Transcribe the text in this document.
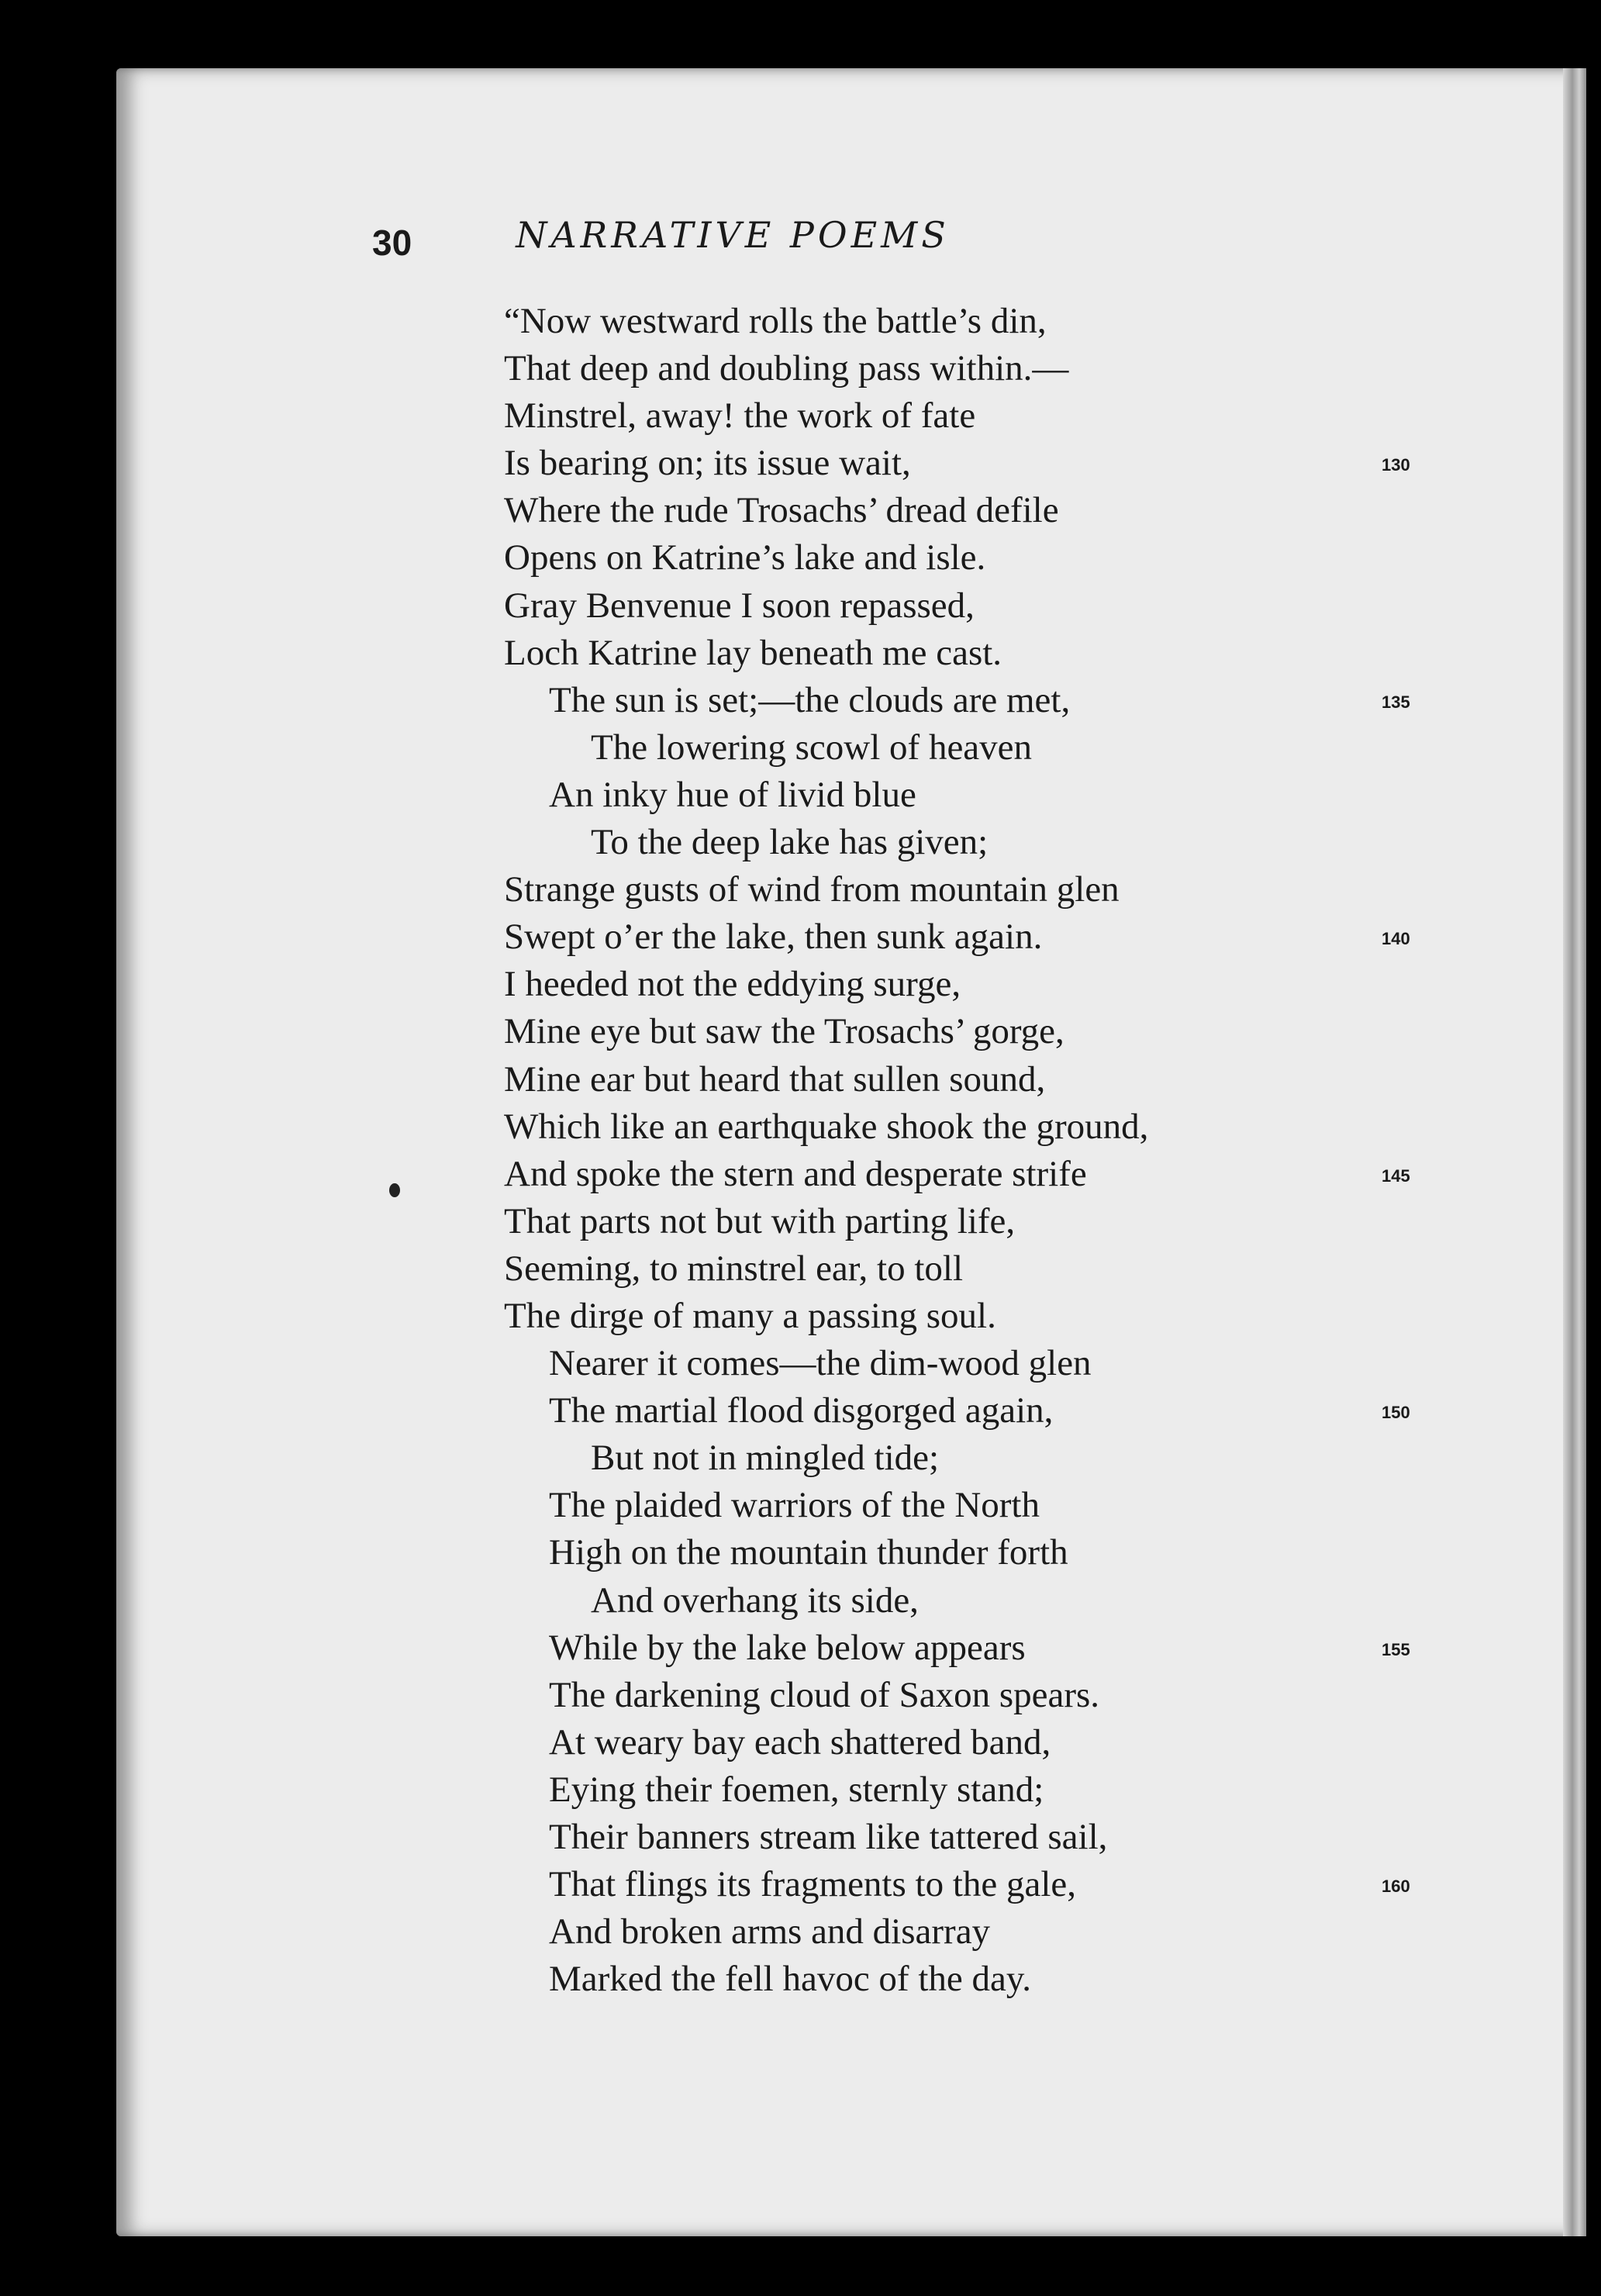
30	NARRATIVE POEMS
“Now westward rolls the battle’s din,
That deep and doubling pass within.—
Minstrel, away! the work of fate
Is bearing on; its issue wait,
Where the rude Trosachs’ dread defile
Opens on Katrine’s lake and isle.
Gray Benvenue I soon repassed,
Loch Katrine lay beneath me cast.
The sun is set;—the clouds are met,
The lowering scowl of heaven
An inky hue of livid blue
To the deep lake has given;
Strange gusts of wind from mountain glen
Swept o’er the lake, then sunk again.
I heeded not the eddying surge,
Mine eye but saw the Trosachs’ gorge,
Mine ear but heard that sullen sound,
Which like an earthquake shook the ground,
And spoke the stern and desperate strife
That parts not but with parting life,
Seeming, to minstrel ear, to toll
The dirge of many a passing soul.
Nearer it comes—the dim-wood glen
The martial flood disgorged again,
But not in mingled tide;
The plaided warriors of the North
High on the mountain thunder forth
And overhang its side,
While by the lake below appears
The darkening cloud of Saxon spears.
At weary bay each shattered band,
Eying their foemen, sternly stand;
Their banners stream like tattered sail,
That flings its fragments to the gale,
And broken arms and disarray
Marked the fell havoc of the day.
130
135
140
145
150
155
160
